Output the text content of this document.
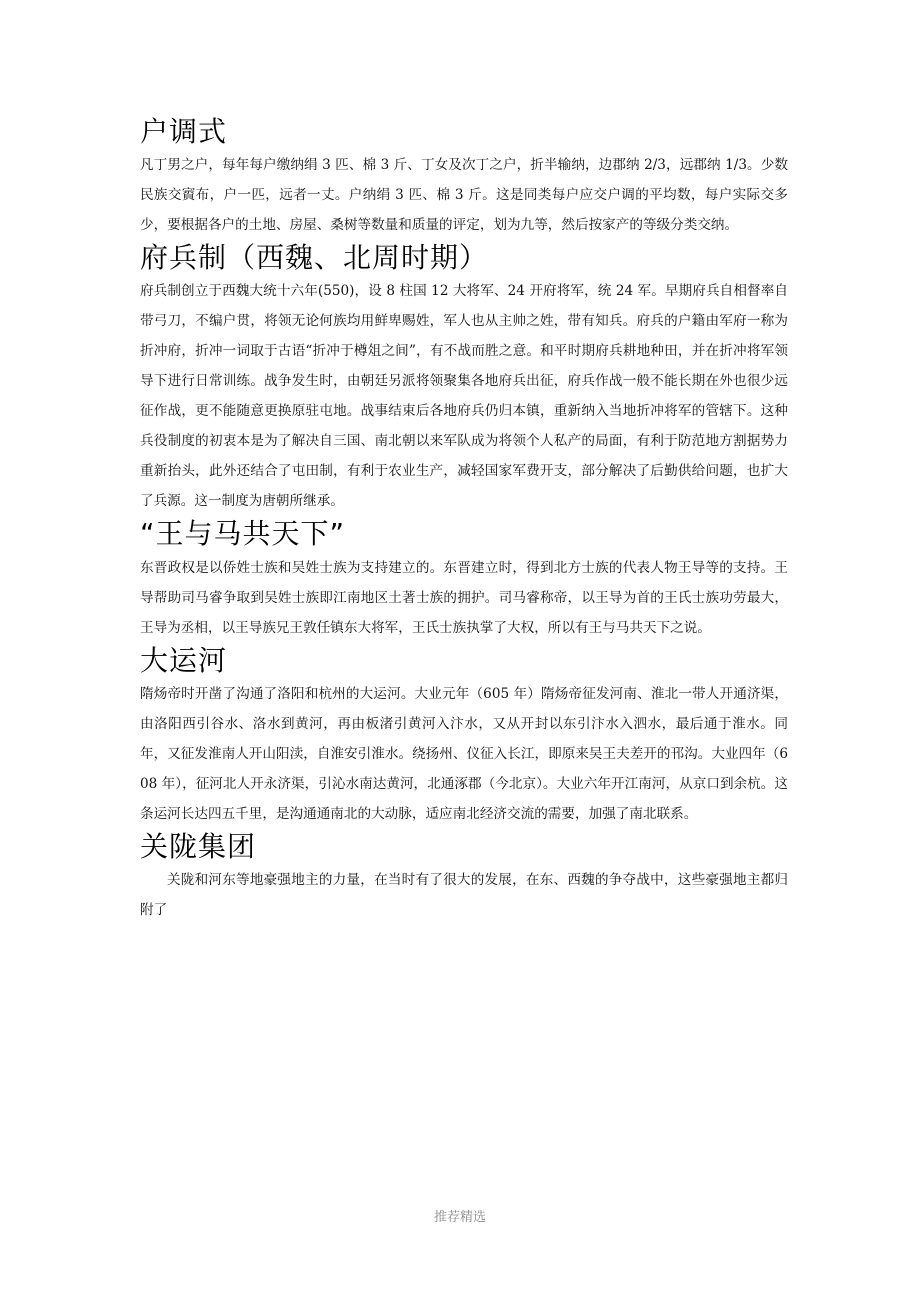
户调式

凡丁男之户，每年每户缴纳绢 3 匹、棉 3 斤、丁女及次丁之户，折半输纳，边郡纳 2/3，远郡纳 1/3。少数民族交賨布，户一匹，远者一丈。户纳绢 3 匹、棉 3 斤。这是同类每户应交户调的平均数，每户实际交多少，要根据各户的土地、房屋、桑树等数量和质量的评定，划为九等，然后按家产的等级分类交纳。

府兵制（西魏、北周时期）

府兵制创立于西魏大统十六年(550)，设 8 柱国 12 大将军、24 开府将军，统 24 军。早期府兵自相督率自带弓刀，不编户贯，将领无论何族均用鲜卑赐姓，军人也从主帅之姓，带有知兵。府兵的户籍由军府一称为折冲府，折冲一词取于古语“折冲于樽俎之间”，有不战而胜之意。和平时期府兵耕地种田，并在折冲将军领导下进行日常训练。战争发生时，由朝廷另派将领聚集各地府兵出征，府兵作战一般不能长期在外也很少远征作战，更不能随意更换原驻屯地。战事结束后各地府兵仍归本镇，重新纳入当地折冲将军的管辖下。这种兵役制度的初衷本是为了解决自三国、南北朝以来军队成为将领个人私产的局面，有利于防范地方割据势力重新抬头，此外还结合了屯田制，有利于农业生产，减轻国家军费开支，部分解决了后勤供给问题，也扩大了兵源。这一制度为唐朝所继承。

“王与马共天下”

东晋政权是以侨姓士族和吴姓士族为支持建立的。东晋建立时，得到北方士族的代表人物王导等的支持。王导帮助司马睿争取到吴姓士族即江南地区土著士族的拥护。司马睿称帝，以王导为首的王氏士族功劳最大，王导为丞相，以王导族兄王敦任镇东大将军，王氏士族执掌了大权，所以有王与马共天下之说。

大运河

隋炀帝时开凿了沟通了洛阳和杭州的大运河。大业元年（605 年）隋炀帝征发河南、淮北一带人开通济渠，由洛阳西引谷水、洛水到黄河，再由板渚引黄河入汴水，又从开封以东引汴水入泗水，最后通于淮水。同年，又征发淮南人开山阳渎，自淮安引淮水。绕扬州、仪征入长江，即原来吴王夫差开的邗沟。大业四年（608 年），征河北人开永济渠，引沁水南达黄河，北通涿郡（今北京）。大业六年开江南河，从京口到余杭。这条运河长达四五千里，是沟通通南北的大动脉，适应南北经济交流的需要，加强了南北联系。

关陇集团

关陇和河东等地豪强地主的力量，在当时有了很大的发展，在东、西魏的争夺战中，这些豪强地主都归附了

推荐精选
